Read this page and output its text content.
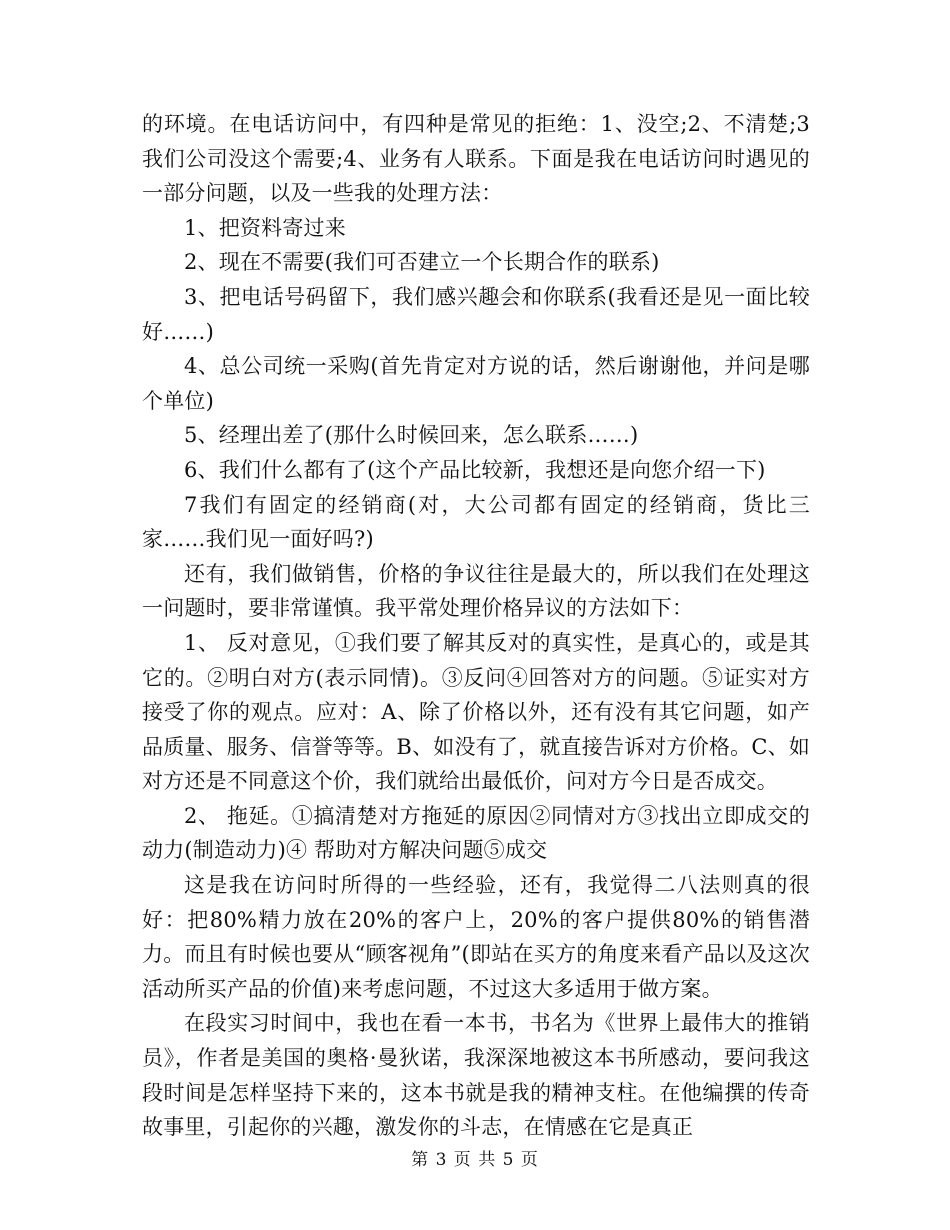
的环境。在电话访问中，有四种是常见的拒绝：1、没空;2、不清楚;3我们公司没这个需要;4、业务有人联系。下面是我在电话访问时遇见的一部分问题，以及一些我的处理方法：

1、把资料寄过来

2、现在不需要(我们可否建立一个长期合作的联系)

3、把电话号码留下，我们感兴趣会和你联系(我看还是见一面比较好……)

4、总公司统一采购(首先肯定对方说的话，然后谢谢他，并问是哪个单位)

5、经理出差了(那什么时候回来，怎么联系……)

6、我们什么都有了(这个产品比较新，我想还是向您介绍一下)

7我们有固定的经销商(对，大公司都有固定的经销商，货比三家……我们见一面好吗?)

还有，我们做销售，价格的争议往往是最大的，所以我们在处理这一问题时，要非常谨慎。我平常处理价格异议的方法如下：

1、 反对意见，①我们要了解其反对的真实性，是真心的，或是其它的。②明白对方(表示同情)。③反问④回答对方的问题。⑤证实对方接受了你的观点。应对：A、除了价格以外，还有没有其它问题，如产品质量、服务、信誉等等。B、如没有了，就直接告诉对方价格。C、如对方还是不同意这个价，我们就给出最低价，问对方今日是否成交。

2、 拖延。①搞清楚对方拖延的原因②同情对方③找出立即成交的动力(制造动力)④ 帮助对方解决问题⑤成交

这是我在访问时所得的一些经验，还有，我觉得二八法则真的很好：把80%精力放在20%的客户上，20%的客户提供80%的销售潜力。而且有时候也要从“顾客视角”(即站在买方的角度来看产品以及这次活动所买产品的价值)来考虑问题，不过这大多适用于做方案。

在段实习时间中，我也在看一本书，书名为《世界上最伟大的推销员》，作者是美国的奥格·曼狄诺，我深深地被这本书所感动，要问我这段时间是怎样坚持下来的，这本书就是我的精神支柱。在他编撰的传奇故事里，引起你的兴趣，激发你的斗志，在情感在它是真正

第 3 页 共 5 页
